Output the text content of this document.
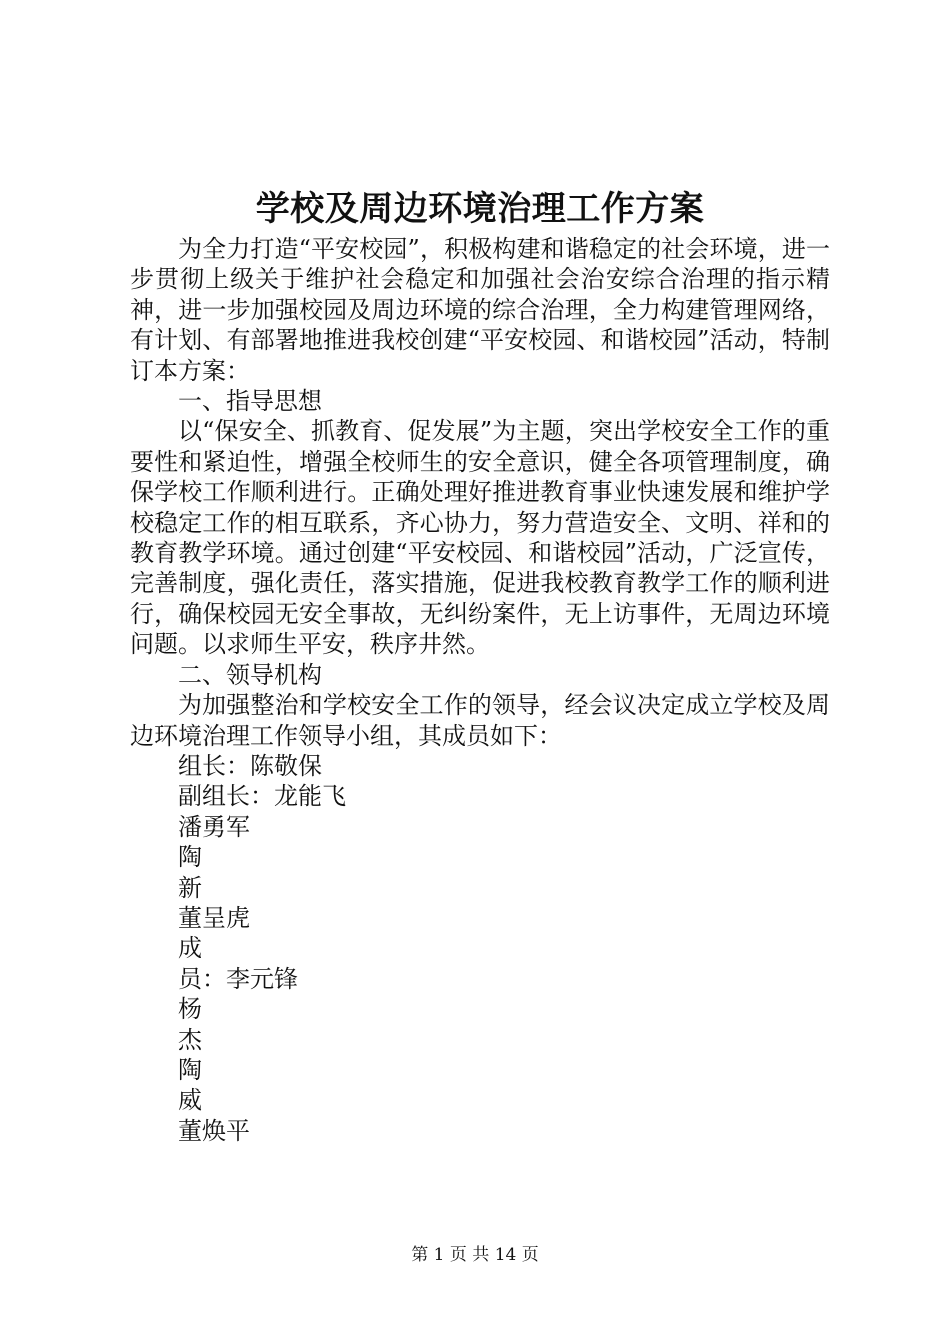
学校及周边环境治理工作方案

为全力打造“平安校园”，积极构建和谐稳定的社会环境，进一步贯彻上级关于维护社会稳定和加强社会治安综合治理的指示精神，进一步加强校园及周边环境的综合治理，全力构建管理网络，有计划、有部署地推进我校创建“平安校园、和谐校园”活动，特制订本方案：

一、指导思想

以“保安全、抓教育、促发展”为主题，突出学校安全工作的重要性和紧迫性，增强全校师生的安全意识，健全各项管理制度，确保学校工作顺利进行。正确处理好推进教育事业快速发展和维护学校稳定工作的相互联系，齐心协力，努力营造安全、文明、祥和的教育教学环境。通过创建“平安校园、和谐校园”活动，广泛宣传，完善制度，强化责任，落实措施，促进我校教育教学工作的顺利进行，确保校园无安全事故，无纠纷案件，无上访事件，无周边环境问题。以求师生平安，秩序井然。

二、领导机构

为加强整治和学校安全工作的领导，经会议决定成立学校及周边环境治理工作领导小组，其成员如下：

组长：陈敬保

副组长：龙能飞

潘勇军

陶

新

董呈虎

成

员：李元锋

杨

杰

陶

威

董焕平

第 1 页 共 14 页
